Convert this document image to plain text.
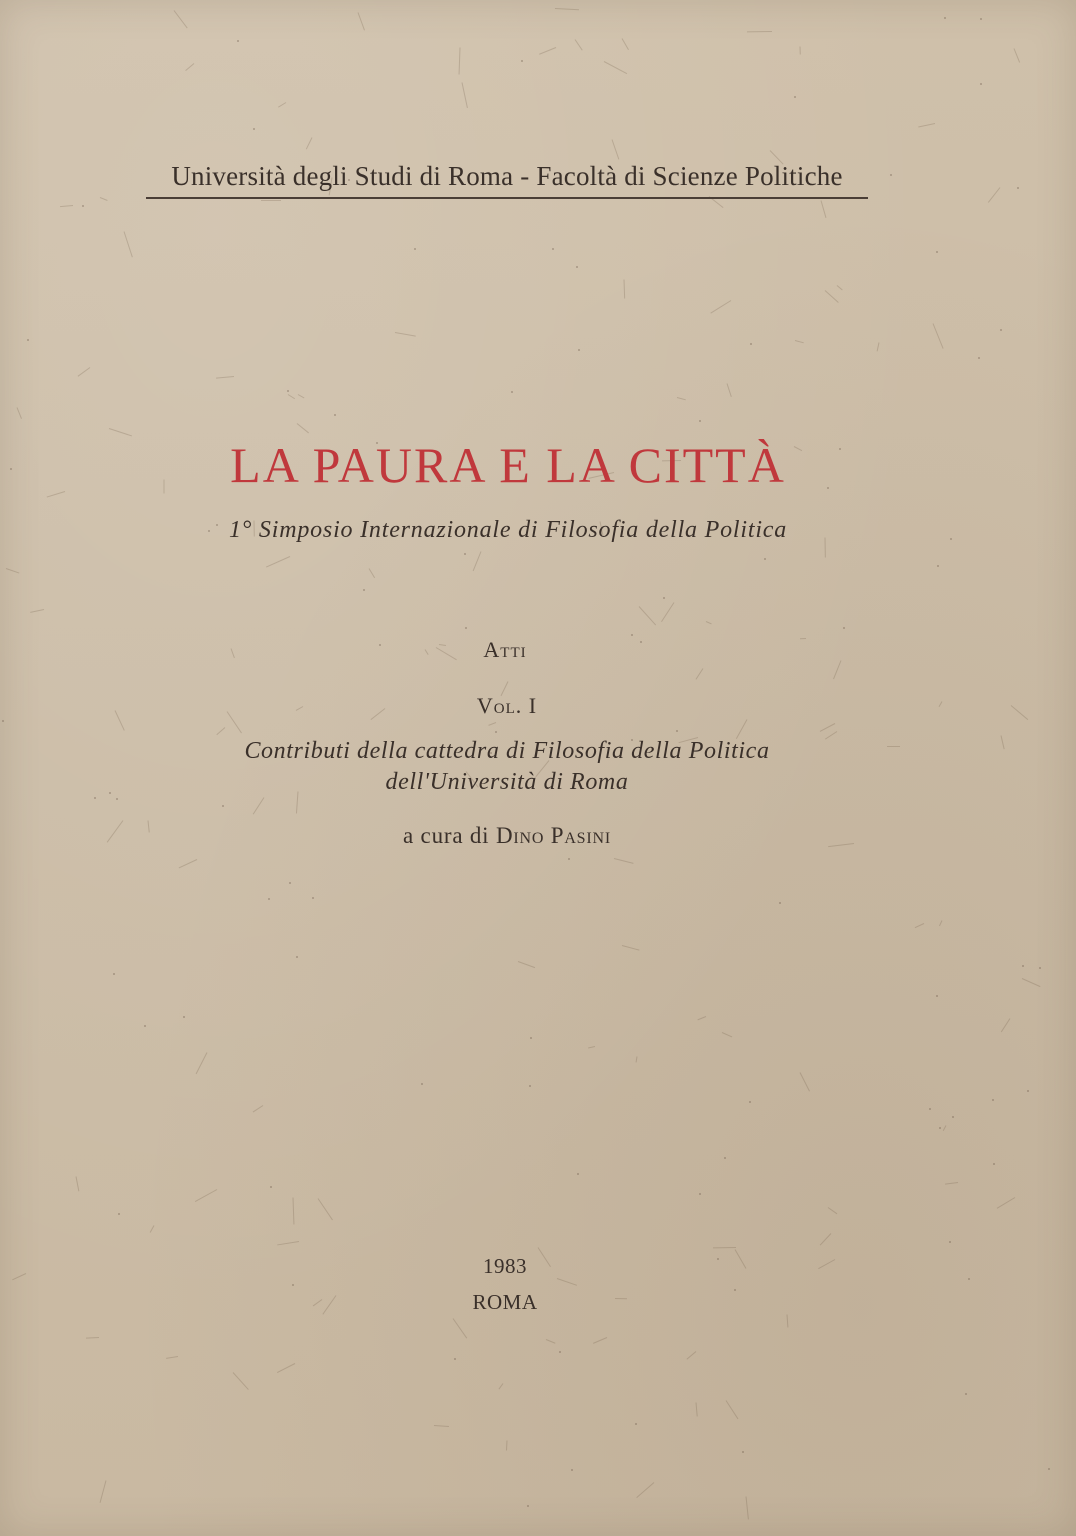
Università degli Studi di Roma - Facoltà di Scienze Politiche
LA PAURA E LA CITTÀ
1° Simposio Internazionale di Filosofia della Politica
Atti
Vol. I
Contributi della cattedra di Filosofia della Politica
dell'Università di Roma
a cura di Dino Pasini
1983
ROMA
